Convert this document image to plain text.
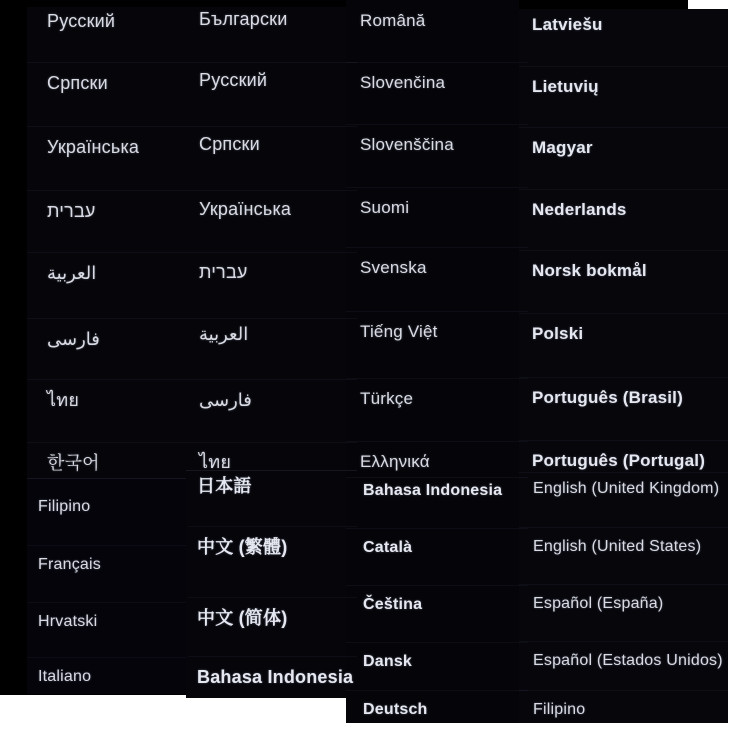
Русский
Српски
Українська
עברית
العربية
فارسی
ไทย
한국어
Filipino
Français
Hrvatski
Italiano
Български
Русский
Српски
Українська
עברית
العربية
فارسی
ไทย
日本語
中文 (繁體)
中文 (简体)
Bahasa Indonesia
Română
Slovenčina
Slovenščina
Suomi
Svenska
Tiếng Việt
Türkçe
Ελληνικά
Bahasa Indonesia
Català
Čeština
Dansk
Deutsch
Latviešu
Lietuvių
Magyar
Nederlands
Norsk bokmål
Polski
Português (Brasil)
Português (Portugal)
English (United Kingdom)
English (United States)
Español (España)
Español (Estados Unidos)
Filipino
